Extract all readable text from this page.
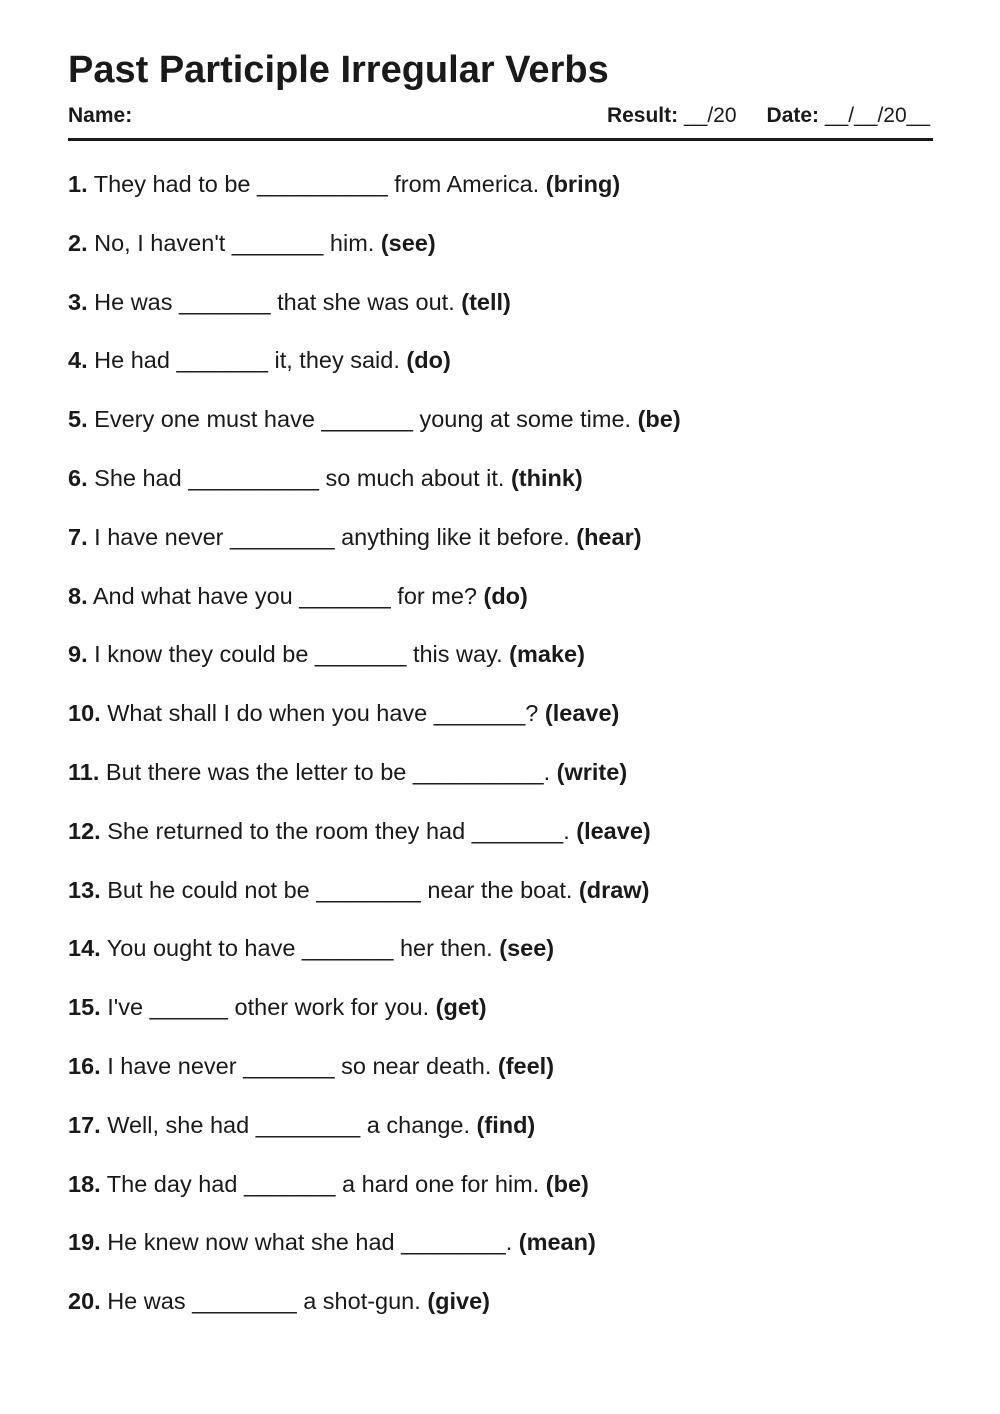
Past Participle Irregular Verbs
Name:	Result: __/20 Date: __/__/20__
1. They had to be __________ from America. (bring)
2. No, I haven't _______ him. (see)
3. He was _______ that she was out. (tell)
4. He had _______ it, they said. (do)
5. Every one must have _______ young at some time. (be)
6. She had __________ so much about it. (think)
7. I have never ________ anything like it before. (hear)
8. And what have you _______ for me? (do)
9. I know they could be _______ this way. (make)
10. What shall I do when you have _______? (leave)
11. But there was the letter to be __________. (write)
12. She returned to the room they had _______. (leave)
13. But he could not be ________ near the boat. (draw)
14. You ought to have _______ her then. (see)
15. I've ______ other work for you. (get)
16. I have never _______ so near death. (feel)
17. Well, she had ________ a change. (find)
18. The day had _______ a hard one for him. (be)
19. He knew now what she had ________. (mean)
20. He was ________ a shot-gun. (give)
